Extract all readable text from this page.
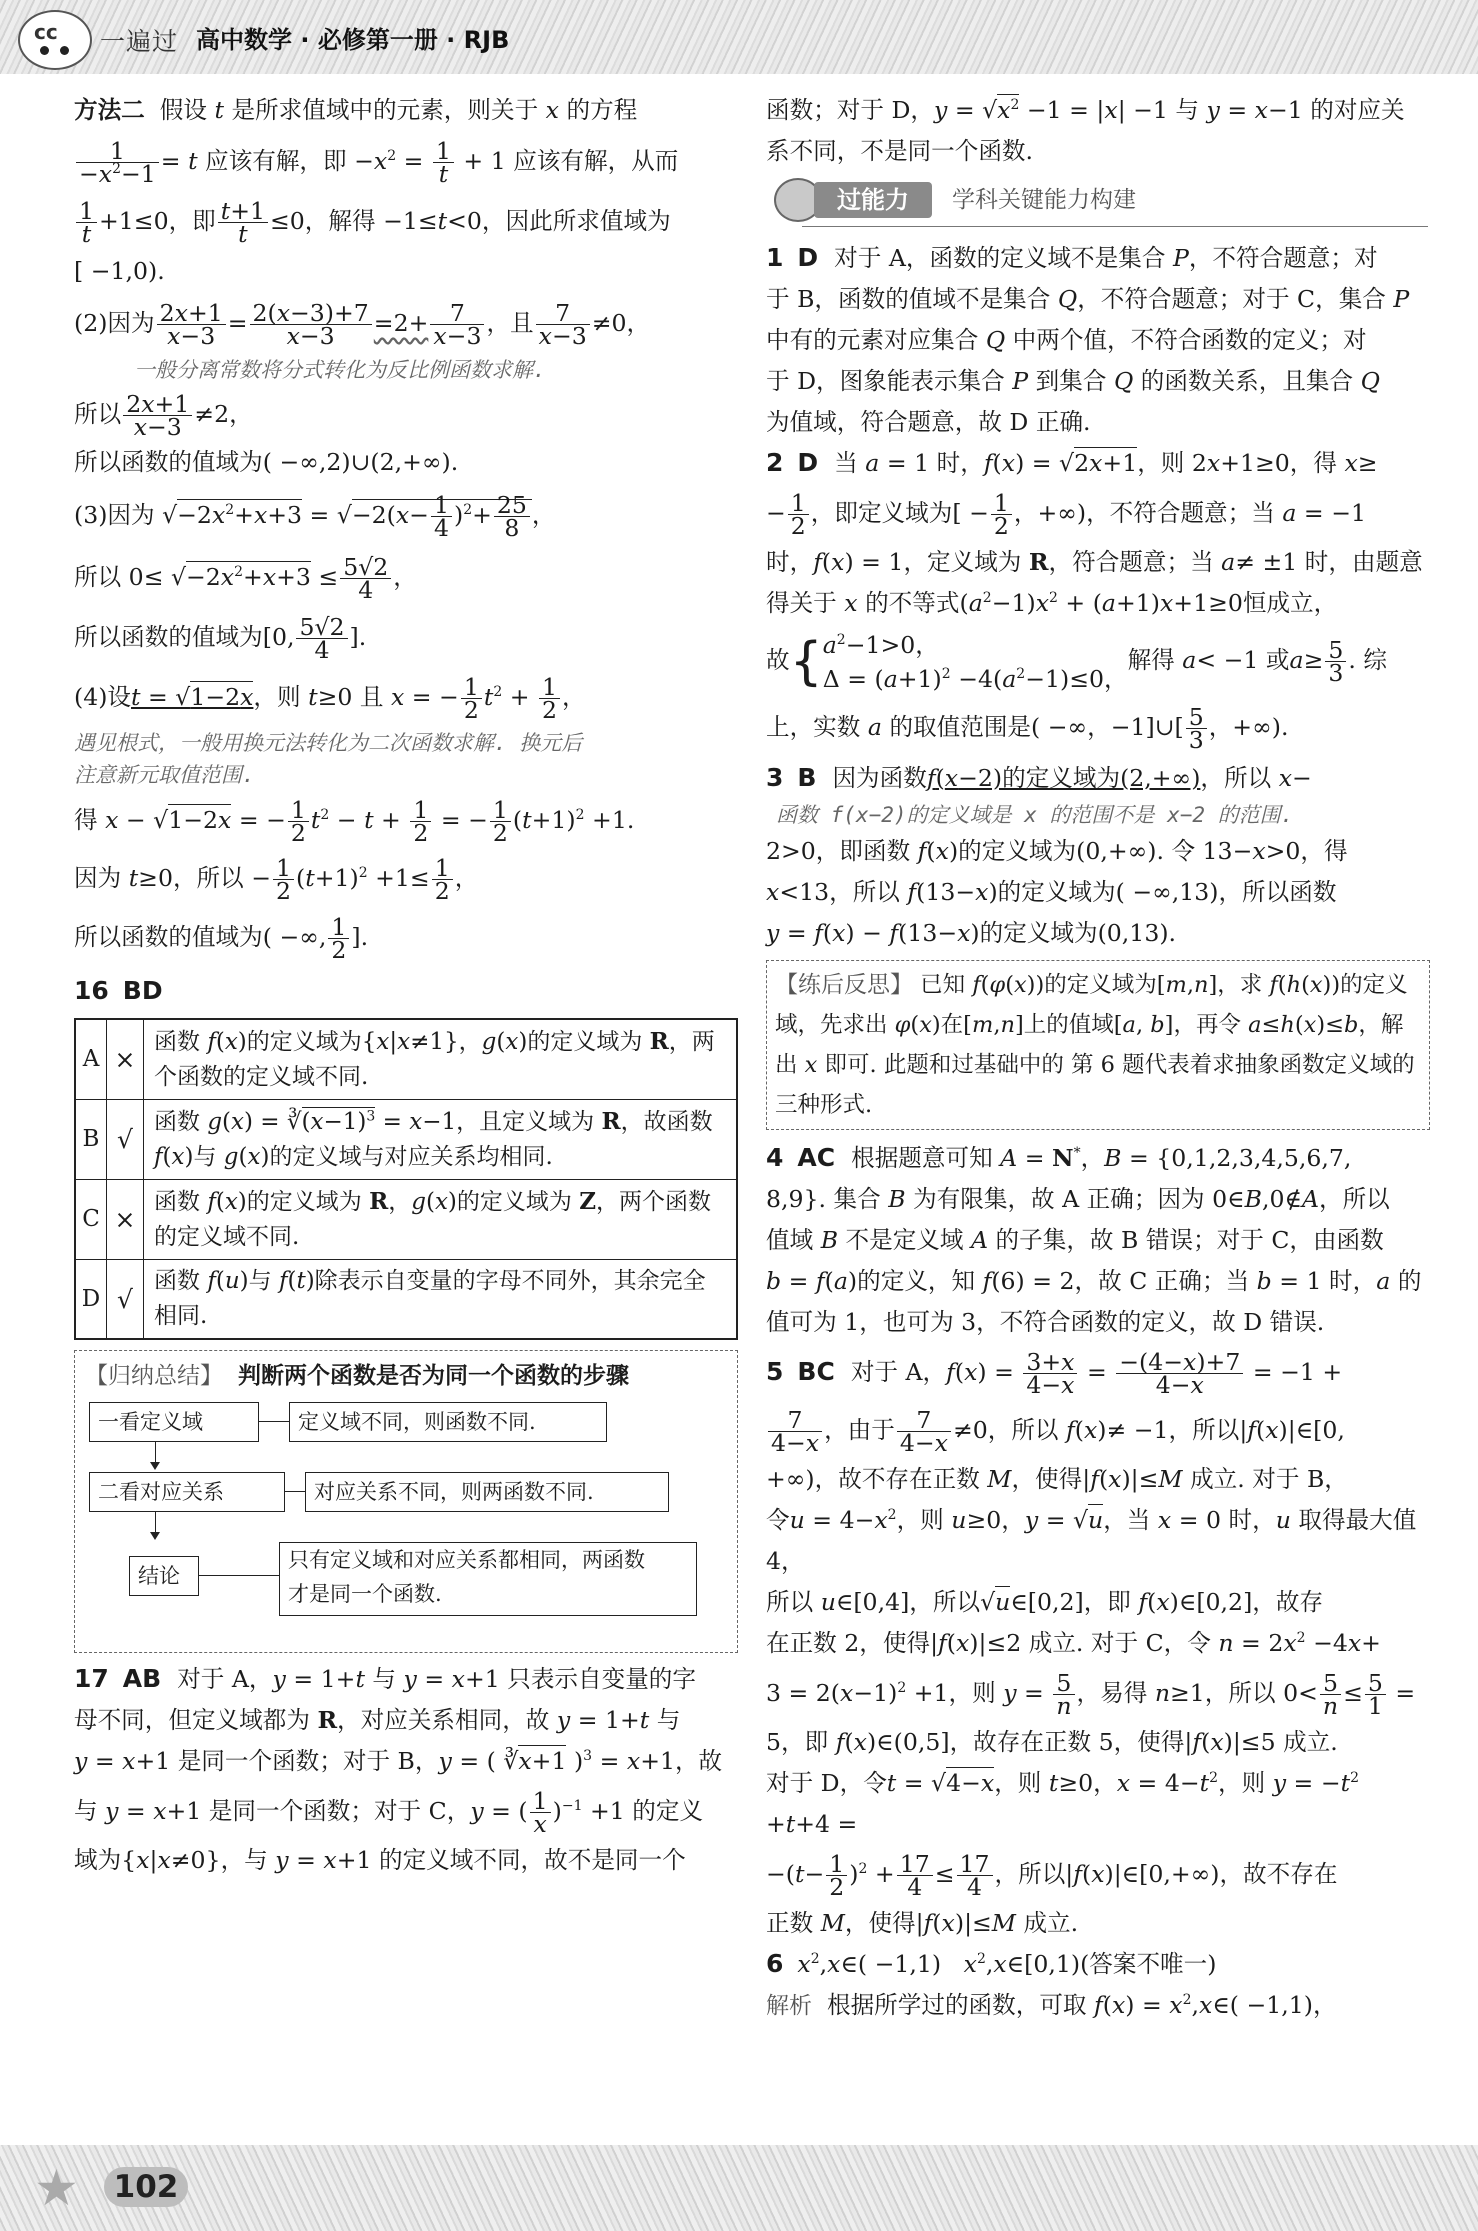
cc 一遍过 高中数学 · 必修第一册 · RJB

方法二  假设 t 是所求值域中的元素，则关于 x 的方程

$\frac{1}{-x^2-1} = t$ 应该有解，即 $-x^2 = \frac{1}{t} + 1$ 应该有解，从而

$\frac{1}{t} +1\le 0$，即 $\frac{t+1}{t} \le 0$，解得 −1≤t<0，因此所求值域为

[ −1,0).

(2)因为 $\frac{2x+1}{x-3} = \frac{2(x-3)+7}{x-3} =2+ \frac{7}{x-3}$ ，且 $\frac{7}{x-3} \ne 0$，

一般分离常数将分式转化为反比例函数求解.

所以 $\frac{2x+1}{x-3} \ne 2$，

所以函数的值域为( −∞,2)∪(2,+∞).

(3)因为 $√-2x^2+x+3 = √-2(x- \frac{1}{4} )^2+ \frac{25}{8}$ ，

所以 $0\le √-2x^2+x+3 \le \frac{5√2}{4}$ ，

所以函数的值域为[0, $\frac{5√2}{4}$ ].

(4)设t = √1−2x，则 t≥0 且 x = − $\frac{1}{2} t^2 + \frac{1}{2}$ ，

遇见根式，一般用换元法转化为二次函数求解. 换元后

注意新元取值范围.

得 x − √1−2x = − $\frac{1}{2} t^2 - t + \frac{1}{2}$ = − $\frac{1}{2} (t+1)^2 +1$.

因为 t≥0，所以 − $\frac{1}{2} (t+1)^2 +1\le \frac{1}{2}$ ，

所以函数的值域为( −∞, $\frac{1}{2}$ ].

16 BD

A	×	函数 f(x)的定义域为{x|x≠1}，g(x)的定义域为 R，两个函数的定义域不同.
B	√	函数 $g(x) = ∛(x-1)^3 = x-1$，且定义域为 R，故函数 f(x)与 g(x)的定义域与对应关系均相同.
C	×	函数 f(x)的定义域为 R，g(x)的定义域为 Z，两个函数的定义域不同.
D	√	函数 f(u)与 f(t)除表示自变量的字母不同外，其余完全相同.
【归纳总结】 判断两个函数是否为同一个函数的步骤
一看定义域	定义域不同，则函数不同.
二看对应关系	对应关系不同，则两函数不同.
结论
只有定义域和对应关系都相同，两函数
才是同一个函数.

17 AB 对于 A，y = 1+t 与 y = x+1 只表示自变量的字

母不同，但定义域都为 R，对应关系相同，故 y = 1+t 与

y = x+1 是同一个函数；对于 B，y = ( ∛x+1 )$^3$ = x+1，故

与 y = x+1 是同一个函数；对于 C，y = ( $\frac{1}{x} )^{-1} +1$ 的定义

域为{x|x≠0}，与 y = x+1 的定义域不同，故不是同一个

函数；对于 D，$y = √x^2 -1 = |x| -1$ 与 y = x−1 的对应关

系不同，不是同一个函数.

过能力	学科关键能力构建

1 D 对于 A，函数的定义域不是集合 P，不符合题意；对

于 B，函数的值域不是集合 Q，不符合题意；对于 C，集合 P

中有的元素对应集合 Q 中两个值，不符合函数的定义；对

于 D，图象能表示集合 P 到集合 Q 的函数关系，且集合 Q

为值域，符合题意，故 D 正确.

2 D 当 a = 1 时，f(x) = √2x+1，则 2x+1≥0，得 x≥

− $\frac{1}{2}$ ，即定义域为[ − $\frac{1}{2}$ ，+∞)，不符合题意；当 a = −1

时，f(x) = 1，定义域为 R，符合题意；当 a≠ ±1 时，由题意

得关于 x 的不等式$(a^2-1)x^2 + (a+1)x+1\ge 0$恒成立，

故{$a^2-1>0$，
$\Delta = (a+1)^2 -4(a^2-1)\le 0$，解得 a< −1 或$a\ge \frac{5}{3}$ . 综

上，实数 a 的取值范围是( −∞，−1]∪[ $\frac{5}{3}$ ，+∞).

3 B 因为函数f(x−2)的定义域为(2,+∞)，所以 x−

函数 f(x−2)的定义域是 x 的范围不是 x−2 的范围.

2>0，即函数 f(x)的定义域为(0,+∞). 令 13−x>0，得

x<13，所以 f(13−x)的定义域为( −∞,13)，所以函数

y = f(x) − f(13−x)的定义域为(0,13).

【练后反思】 已知 f(φ(x))的定义域为[m,n]，求 f(h(x))的定义域，先求出 φ(x)在[m,n]上的值域[a, b]，再令 a≤h(x)≤b，解出 x 即可. 此题和过基础中的 第 6 题代表着求抽象函数定义域的三种形式.

4 AC 根据题意可知 A = N*，B = {0,1,2,3,4,5,6,7,

8,9}. 集合 B 为有限集，故 A 正确；因为 0∈B,0∉A，所以

值域 B 不是定义域 A 的子集，故 B 错误；对于 C，由函数

b = f(a)的定义，知 f(6) = 2，故 C 正确；当 b = 1 时，a 的

值可为 1，也可为 3，不符合函数的定义，故 D 错误.

5 BC 对于 A，$f(x) = \frac{3+x}{4-x} = \frac{-(4-x)+7}{4-x} = -1$ +

$\frac{7}{4-x}$ ，由于 $\frac{7}{4-x} \ne 0$，所以 f(x)≠ −1，所以|f(x)|∈[0,

+∞)，故不存在正数 M，使得|f(x)|≤M 成立. 对于 B，

令$u = 4-x^2$，则 u≥0，y = √u，当 x = 0 时，u 取得最大值 4，

所以 u∈[0,4]，所以√u∈[0,2]，即 f(x)∈[0,2]，故存

在正数 2，使得|f(x)|≤2 成立. 对于 C，令 $n = 2x^2 -4x+$

$3 = 2(x-1)^2 +1$，则 $y = \frac{5}{n}$ ，易得 n≥1，所以 $0< \frac{5}{n} \le \frac{5}{1}$ =

5，即 f(x)∈(0,5]，故存在正数 5，使得|f(x)|≤5 成立.

对于 D，令t = √4−x，则 t≥0，$x = 4-t^2$，则 $y = -t^2 +t+4$ =

$-(t- \frac{1}{2} )^2 + \frac{17}{4} \le \frac{17}{4}$ ，所以|f(x)|∈[0,+∞)，故不存在

正数 M，使得|f(x)|≤M 成立.

6 $x^2,x\in( -1,1)$   $x^2,x\in[0,1)$(答案不唯一)

解析  根据所学过的函数，可取 $f(x) = x^2,x\in( -1,1)$，

★	102
